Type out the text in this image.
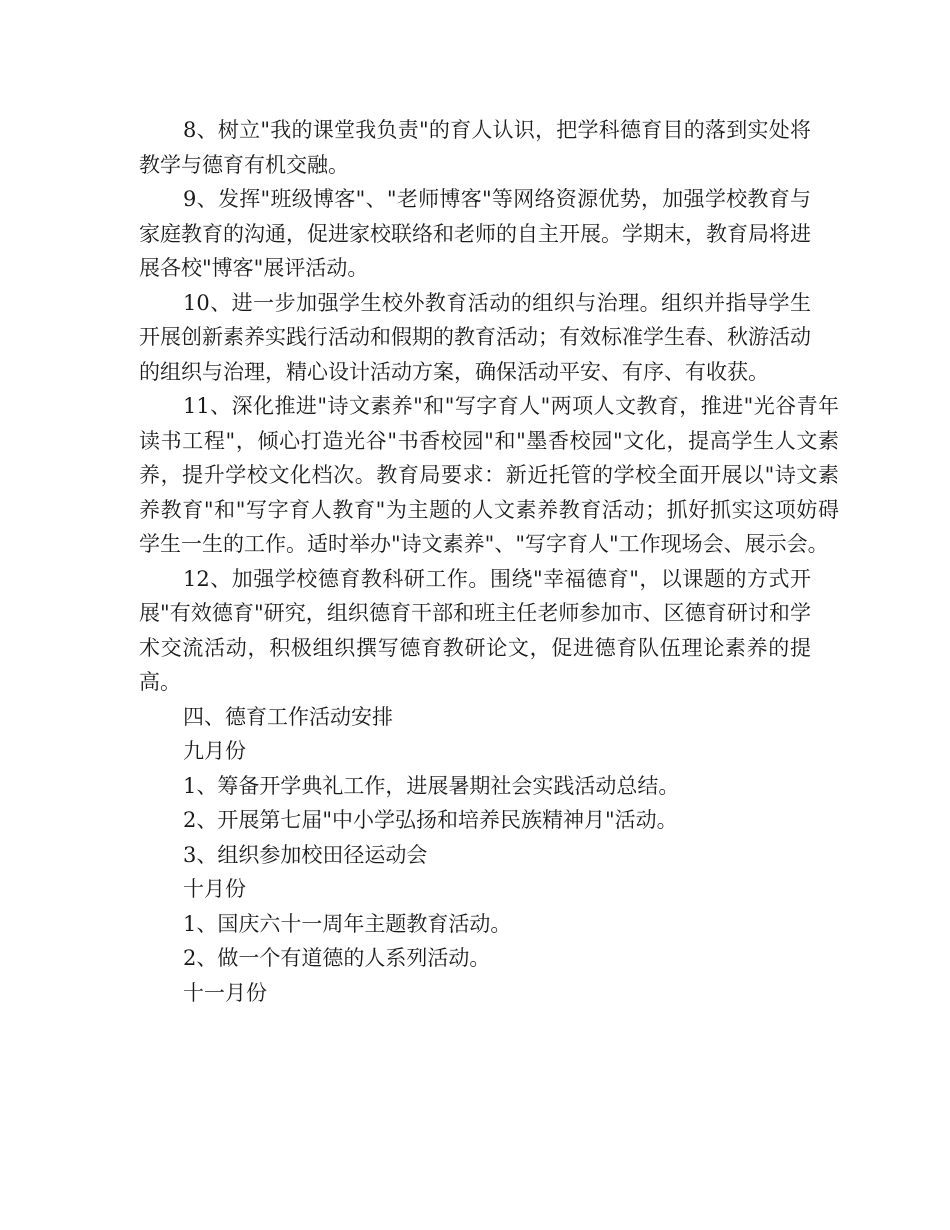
8、树立"我的课堂我负责"的育人认识，把学科德育目的落到实处将教学与德育有机交融。

9、发挥"班级博客"、"老师博客"等网络资源优势，加强学校教育与家庭教育的沟通，促进家校联络和老师的自主开展。学期末，教育局将进展各校"博客"展评活动。

10、进一步加强学生校外教育活动的组织与治理。组织并指导学生开展创新素养实践行活动和假期的教育活动；有效标准学生春、秋游活动的组织与治理，精心设计活动方案，确保活动平安、有序、有收获。

11、深化推进"诗文素养"和"写字育人"两项人文教育，推进"光谷青年读书工程"，倾心打造光谷"书香校园"和"墨香校园"文化，提高学生人文素养，提升学校文化档次。教育局要求：新近托管的学校全面开展以"诗文素养教育"和"写字育人教育"为主题的人文素养教育活动；抓好抓实这项妨碍学生一生的工作。适时举办"诗文素养"、"写字育人"工作现场会、展示会。

12、加强学校德育教科研工作。围绕"幸福德育"，以课题的方式开展"有效德育"研究，组织德育干部和班主任老师参加市、区德育研讨和学术交流活动，积极组织撰写德育教研论文，促进德育队伍理论素养的提高。

四、德育工作活动安排

九月份

1、筹备开学典礼工作，进展暑期社会实践活动总结。

2、开展第七届"中小学弘扬和培养民族精神月"活动。

3、组织参加校田径运动会

十月份

1、国庆六十一周年主题教育活动。

2、做一个有道德的人系列活动。

十一月份
